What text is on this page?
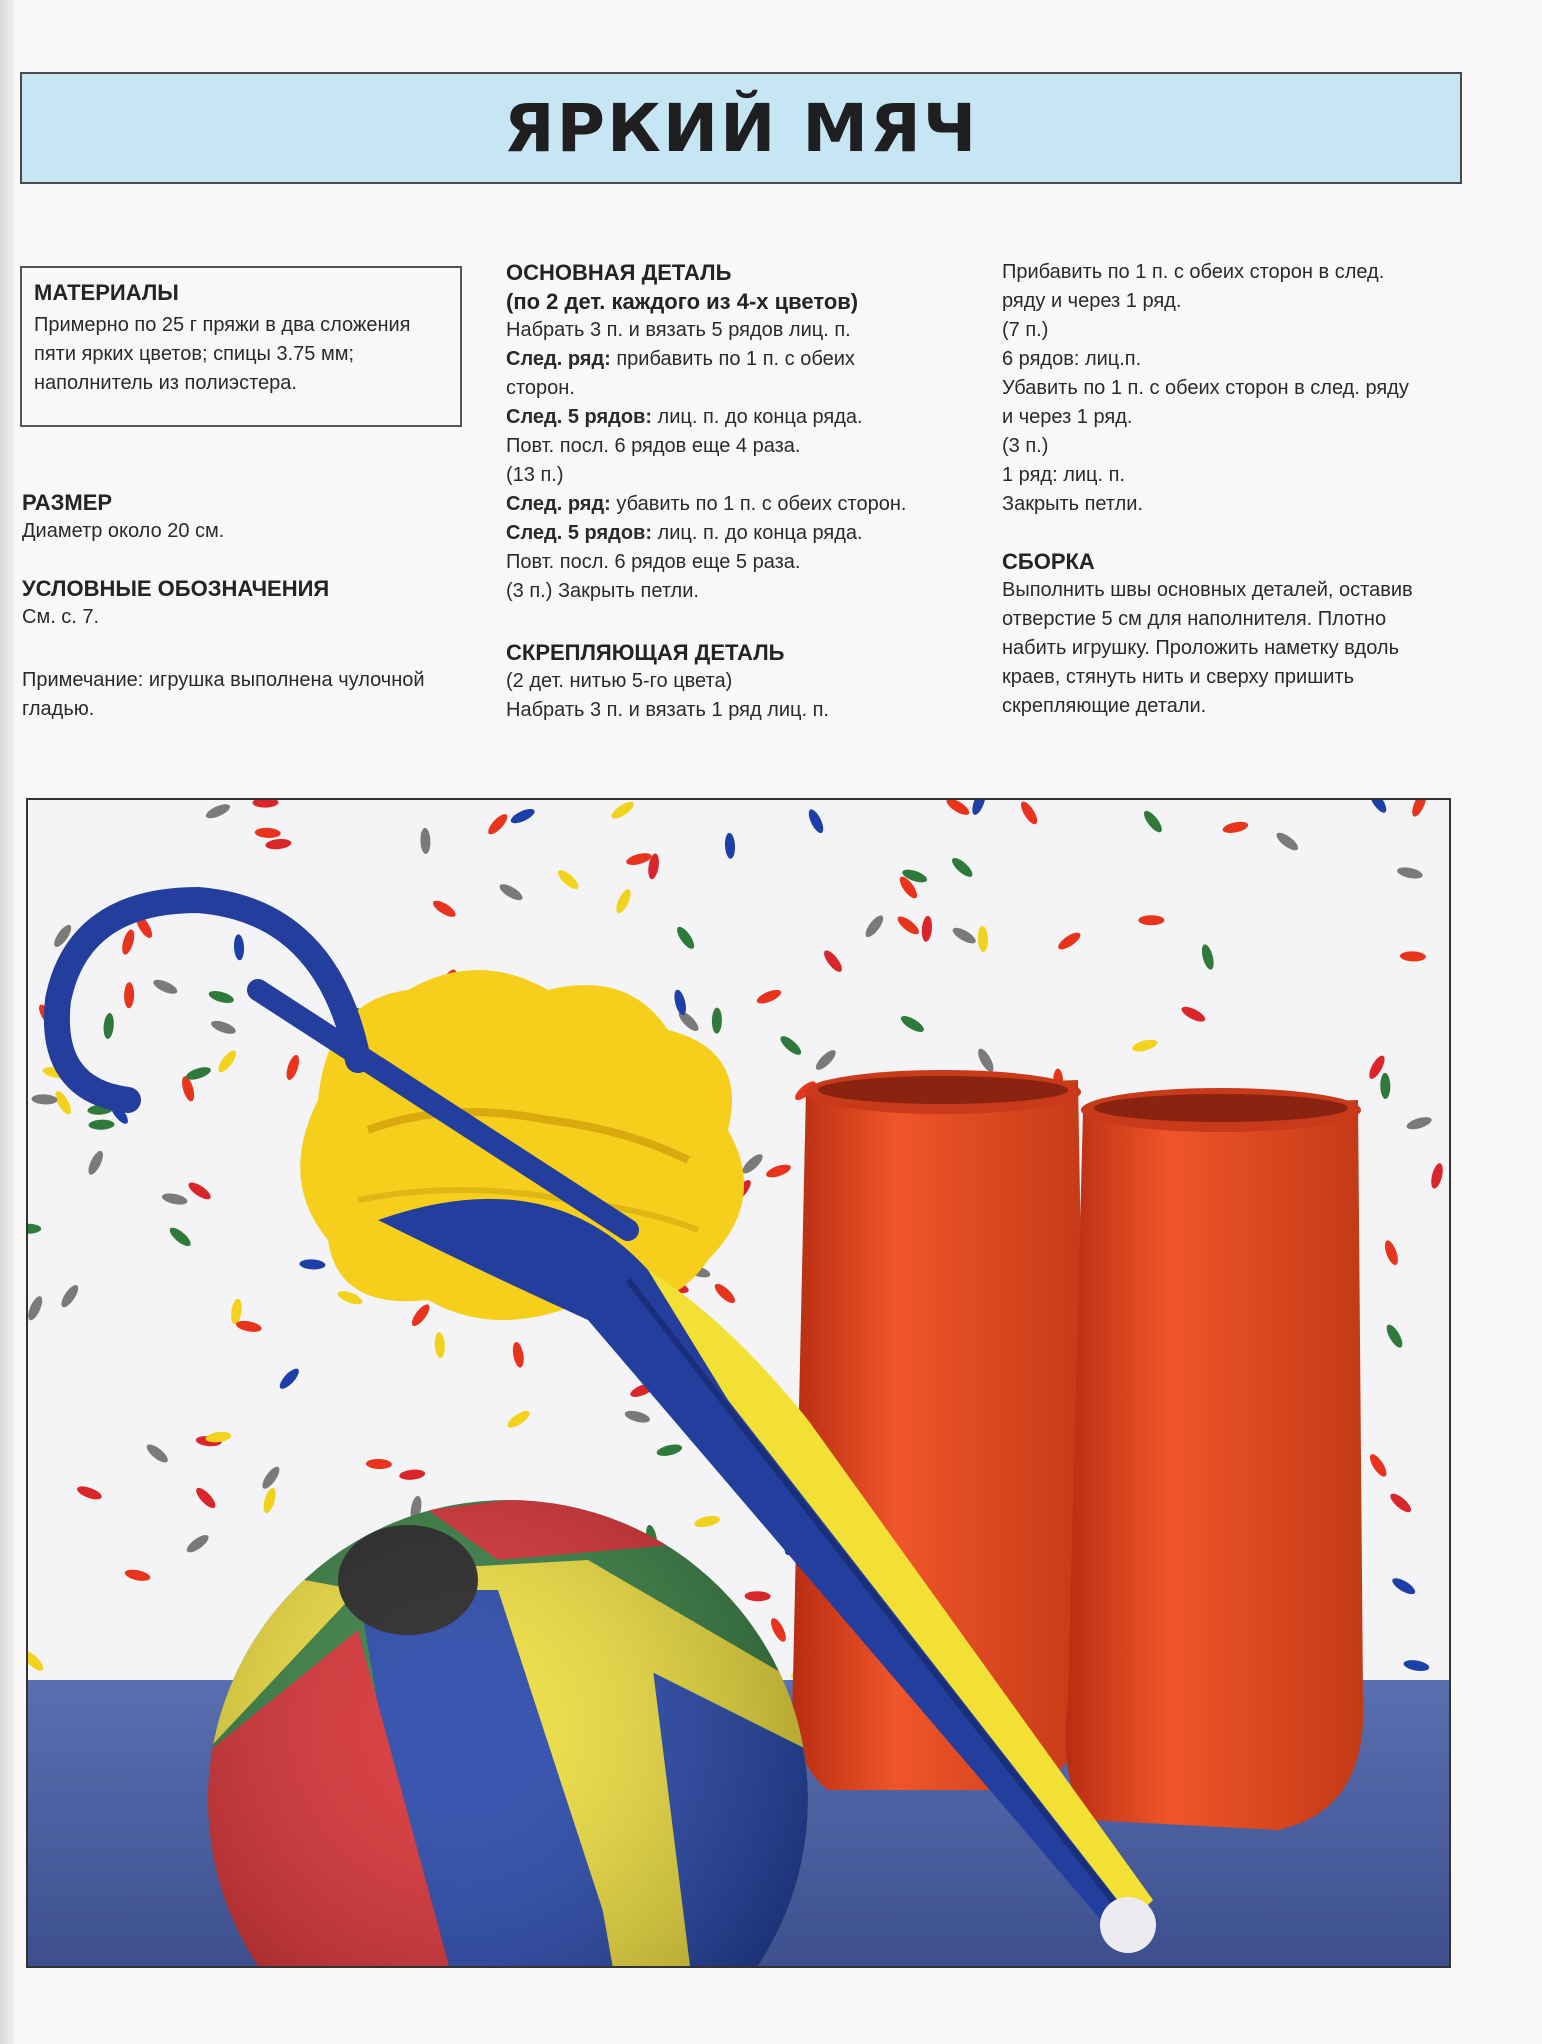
ЯРКИЙ МЯЧ
МАТЕРИАЛЫ
Примерно по 25 г пряжи в два сложения
пяти ярких цветов; спицы 3.75 мм;
наполнитель из полиэстера.
РАЗМЕР
Диаметр около 20 см.
УСЛОВНЫЕ ОБОЗНАЧЕНИЯ
См. с. 7.
Примечание: игрушка выполнена чулочной
гладью.
ОСНОВНАЯ ДЕТАЛЬ
(по 2 дет. каждого из 4-х цветов)
Набрать 3 п. и вязать 5 рядов лиц. п.
След. ряд: прибавить по 1 п. с обеих
сторон.
След. 5 рядов: лиц. п. до конца ряда.
Повт. посл. 6 рядов еще 4 раза.
(13 п.)
След. ряд: убавить по 1 п. с обеих сторон.
След. 5 рядов: лиц. п. до конца ряда.
Повт. посл. 6 рядов еще 5 раза.
(3 п.) Закрыть петли.
СКРЕПЛЯЮЩАЯ ДЕТАЛЬ
(2 дет. нитью 5-го цвета)
Набрать 3 п. и вязать 1 ряд лиц. п.
Прибавить по 1 п. с обеих сторон в след.
ряду и через 1 ряд.
(7 п.)
6 рядов: лиц.п.
Убавить по 1 п. с обеих сторон в след. ряду
и через 1 ряд.
(3 п.)
1 ряд: лиц. п.
Закрыть петли.
СБОРКА
Выполнить швы основных деталей, оставив
отверстие 5 см для наполнителя. Плотно
набить игрушку. Проложить наметку вдоль
краев, стянуть нить и сверху пришить
скрепляющие детали.
